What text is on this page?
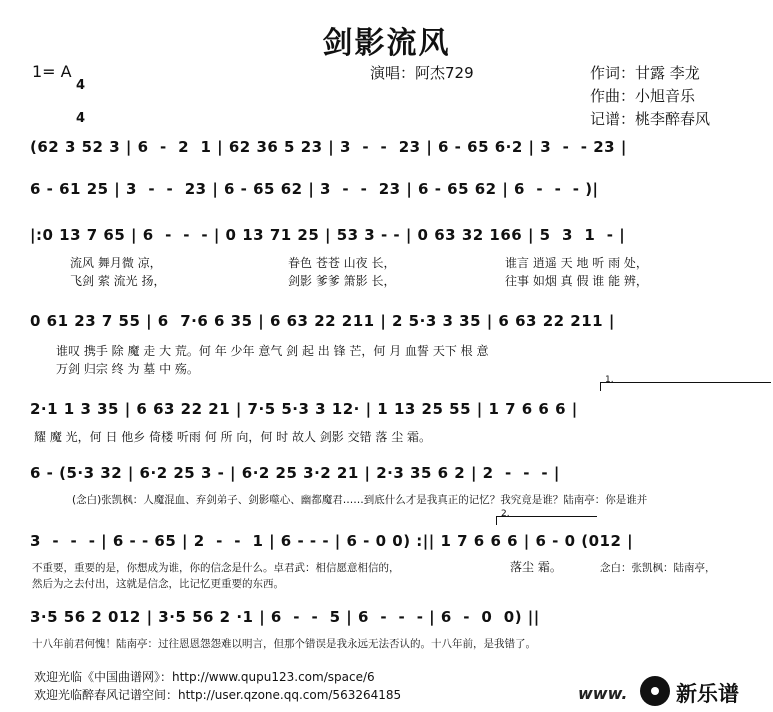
剑影流风
1= A

4

4

演唱：阿杰729	作词：甘露 李龙
作曲：小旭音乐
记谱：桃李醉春风
(62 3 52 3 | 6  -  2  1 | 62 36 5 23 | 3  -  -  23 | 6 - 65 6·2 | 3  -  - 23 |
6 - 61 25 | 3  -  -  23 | 6 - 65 62 | 3  -  -  23 | 6 - 65 62 | 6  -  -  - )|
|:0 13 7 65 | 6  -  -  - | 0 13 71 25 | 53 3 - - | 0 63 32 166 | 5  3  1  - |
流风 舞月微 凉，	眷色 苍苍 山夜 长，	谁言 逍遥 天 地 听 雨 处，
飞剑 萦 流光 扬，	剑影 爹爹 箫影 长，	往事 如烟 真 假 谁 能 辨，
0 61 23 7 55 | 6  7·6 6 35 | 6 63 22 211 | 2 5·3 3 35 | 6 63 22 211 |
谁叹 携手 除 魔 走 大 荒。何 年 少年 意气 剑 起 出 锋 芒，何 月 血誓 天下 根 意
万剑 归宗 终 为 墓 中 殇。
1.
2·1 1 3 35 | 6 63 22 21 | 7·5 5·3 3 12· | 1 13 25 55 | 1 7 6 6 6 |
耀 魔 光，何 日 他乡 倚楼 听雨 何 所 向，何 时 故人 剑影 交错 落 尘 霜。
6 - (5·3 32 | 6·2 25 3 - | 6·2 25 3·2 21 | 2·3 35 6 2 | 2  -  -  - |
(念白)张凯枫：人魔混血、弃剑弟子、剑影噬心、幽都魔君……到底什么才是我真正的记忆？我究竟是谁？陆南亭：你是谁并
2.
3  -  -  - | 6 - - 65 | 2  -  -  1 | 6 - - - | 6 - 0 0) :|| 1 7 6 6 6 | 6 - 0 (012 |
不重要，重要的是，你想成为谁，你的信念是什么。卓君武：相信愿意相信的，	落尘 霜。	念白：张凯枫：陆南亭，
然后为之去付出，这就是信念，比记忆更重要的东西。
3·5 56 2 012 | 3·5 56 2 ·1 | 6  -  -  5 | 6  -  -  - | 6  -  0  0) ||
十八年前君何愧！陆南亭：过往恩恩怨怨难以明言，但那个错误是我永远无法否认的。十八年前，是我错了。
欢迎光临《中国曲谱网》：http://www.qupu123.com/space/6
欢迎光临醉春风记谱空间：http://user.qzone.qq.com/563264185	www. 新乐谱
